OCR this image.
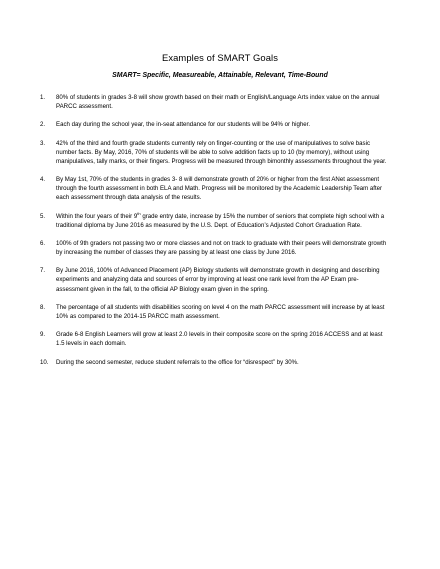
Examples of SMART Goals
SMART= Specific, Measureable, Attainable, Relevant, Time-Bound
1.	80% of students in grades 3-8 will show growth based on their math or English/Language Arts index value on the annual PARCC assessment.
2.	Each day during the school year, the in-seat attendance for our students will be 94% or higher.
3.	42% of the third and fourth grade students currently rely on finger-counting or the use of manipulatives to solve basic number facts. By May, 2016, 70% of students will be able to solve addition facts up to 10 (by memory), without using manipulatives, tally marks, or their fingers. Progress will be measured through bimonthly assessments throughout the year.
4.	By May 1st, 70% of the students in grades 3- 8 will demonstrate growth of 20% or higher from the first ANet assessment through the fourth assessment in both ELA and Math. Progress will be monitored by the Academic Leadership Team after each assessment through data analysis of the results.
5.	Within the four years of their 9th grade entry date, increase by 15% the number of seniors that complete high school with a traditional diploma by June 2016 as measured by the U.S. Dept. of Education’s Adjusted Cohort Graduation Rate.
6.	100% of 9th graders not passing two or more classes and not on track to graduate with their peers will demonstrate growth by increasing the number of classes they are passing by at least one class by June 2016.
7.	By June 2016, 100% of Advanced Placement (AP) Biology students will demonstrate growth in designing and describing experiments and analyzing data and sources of error by improving at least one rank level from the AP Exam pre-assessment given in the fall, to the official AP Biology exam given in the spring.
8.	The percentage of all students with disabilities scoring on level 4 on the math PARCC assessment will increase by at least 10% as compared to the 2014-15 PARCC math assessment.
9.	Grade 6-8 English Learners will grow at least 2.0 levels in their composite score on the spring 2016 ACCESS and at least 1.5 levels in each domain.
10.	During the second semester, reduce student referrals to the office for “disrespect” by 30%.
